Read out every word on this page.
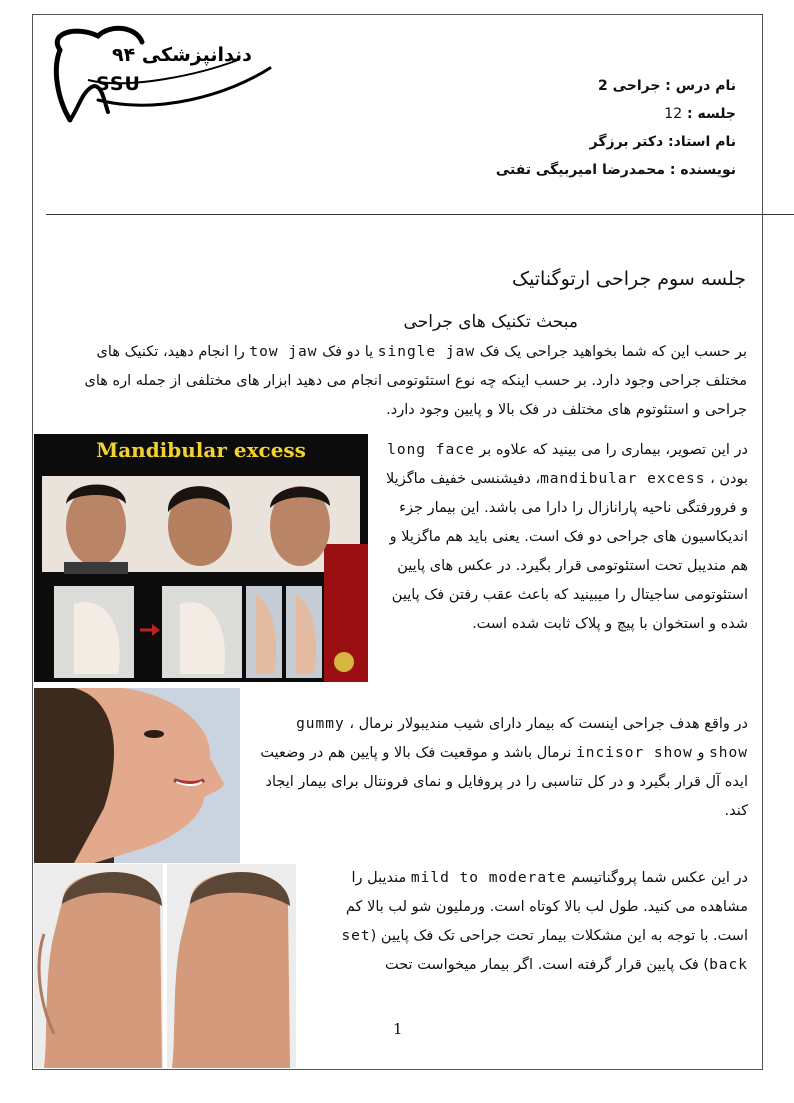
دندانپزشکی ۹۴
SSU	نام درس : جراحی 2
جلسه : 12
نام استاد: دکتر برزگر
نویسنده : محمدرضا امیربیگی تفتی
جلسه سوم جراحی ارتوگناتیک
مبحث تکنیک های جراحی
بر حسب این که شما بخواهید جراحی یک فک single jaw یا دو فک tow jaw را انجام دهید، تکنیک های مختلف جراحی وجود دارد. بر حسب اینکه چه نوع استئوتومی انجام می دهید ابزار های مختلفی از جمله اره های جراحی و استئوتوم های مختلف در فک بالا و پایین وجود دارد.
Mandibular excess	در این تصویر، بیماری را می بینید که علاوه بر long face بودن ، mandibular excess، دفیشنسی خفیف ماگزیلا و فرورفتگی ناحیه پارانازال را دارا می باشد. این بیمار جزء اندیکاسیون های جراحی دو فک است. یعنی باید هم ماگزیلا و هم مندیبل تحت استئوتومی قرار بگیرد. در عکس های پایین استئوتومی ساجیتال را میبینید که باعث عقب رفتن فک پایین شده و استخوان با پیچ و پلاک ثابت شده است.
در واقع هدف جراحی اینست که بیمار دارای شیب مندیبولار نرمال ، gummy show و incisor show نرمال باشد و موقعیت فک بالا و پایین هم در وضعیت ایده آل قرار بگیرد و در کل تناسبی را در پروفایل و نمای فرونتال برای بیمار ایجاد کند.
در این عکس شما پروگناتیسم mild to moderate مندیبل را مشاهده می کنید. طول لب بالا کوتاه است. ورملیون شو لب بالا کم است. با توجه به این مشکلات بیمار تحت جراحی تک فک پایین (set back) فک پایین قرار گرفته است. اگر بیمار میخواست تحت
1
